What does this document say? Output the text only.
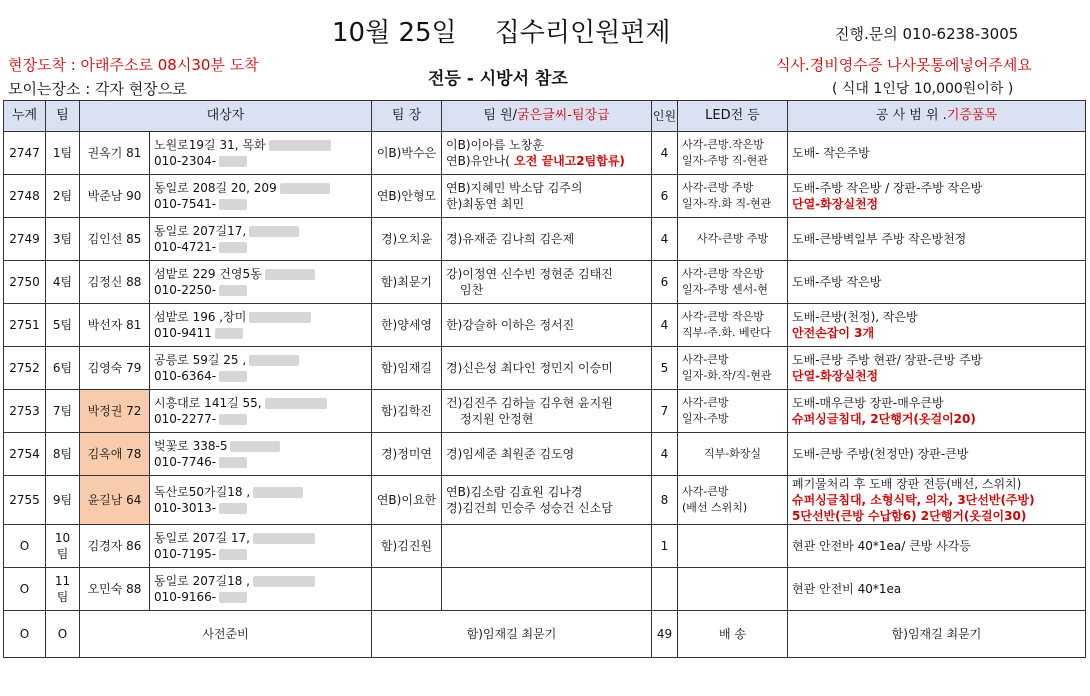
10월 25일 집수리인원편제	진행.문의 010-6238-3005
현장도착 : 아래주소로 08시30분 도착
모이는장소 : 각자 현장으로	전등 - 시방서 참조
식사.경비영수증 나사못통에넣어주세요
( 식대 1인당 10,000원이하 )
누계	팀	대상자		팀 장	팀 원/굵은글씨-팀장급	인원	LED전 등	공 사 범 위 .기증품목
2747	1팀	권옥기 81	노원로19길 31, 목화
010-2304-	이B)박수은	이B)이아름 노창훈
연B)유안나( 오전 끝내고2팀합류)	4	사각-큰방.작은방
일자-주방 직-현관	도배- 작은주방

2748	2팀	박준남 90	동일로 208길 20, 209
010-7541-	연B)안형모	연B)지혜민 박소담 김주의
한)최동연 최민	6	사각-큰방 주방
일자-작.화 직-현관	도배-주방 작은방 / 장판-주방 작은방
단열-화장실천정

2749	3팀	김인선 85	동일로 207길17,
010-4721-	경)오치윤	경)유재준 김나희 김은제	4	사각-큰방 주방	도배-큰방벽일부 주방 작은방천정

2750	4팀	김정신 88	섬밭로 229 건영5동
010-2250-	함)최문기	강)이정연 신수빈 정현준 김태진
임찬	6	사각-큰방 작은방
일자-주방 센서-현	도배-주방 작은방

2751	5팀	박선자 81	섬밭로 196 ,장미
010-9411	한)양세영	한)강슬하 이하은 정서진	4	사각-큰방 작은방
직부-주.화. 베란다	도배-큰방(천정), 작은방
안전손잡이 3개

2752	6팀	김영숙 79	공릉로 59길 25 ,
010-6364-	함)임재길	경)신은성 최다인 정민지 이승미	5	사각-큰방
일자-화.작/직-현관	도배-큰방 주방 현관/ 장판-큰방 주방
단열-화장실천정

2753	7팀	박정권 72	시흥대로 141길 55,
010-2277-	함)김학진	건)김진주 김하늘 김우현 윤지원
정지원 안정현	7	사각-큰방
일자-주방	도배-매우큰방 장판-매우큰방
슈퍼싱글침대, 2단행거(옷걸이20)

2754	8팀	김옥애 78	벚꽃로 338-5
010-7746-	경)정미연	경)임세준 최원준 김도영	4	직부-화장실	도배-큰방 주방(천정만) 장판-큰방

2755	9팀	윤길남 64	독산로50가길18 ,
010-3013-	연B)이요한	연B)김소람 김효원 김나경
경)김건희 민승주 성승건 신소담	8	사각-큰방
(배선 스위치)	폐기물처리 후 도배 장판 전등(배선, 스위치)
슈퍼싱글침대, 소형식탁, 의자, 3단선반(주방)
5단선반(큰방 수납함6) 2단행거(옷걸이30)

O	10팀	김경자 86	동일로 207길 17,
010-7195-	함)김진원		1		현관 안전바 40*1ea/ 큰방 사각등

O	11팀	오민숙 88	동일로 207길18 ,
010-9166-					현관 안전비 40*1ea

O	O	사전준비		함)임재길 최문기		49	배 송	함)임재길 최문기
